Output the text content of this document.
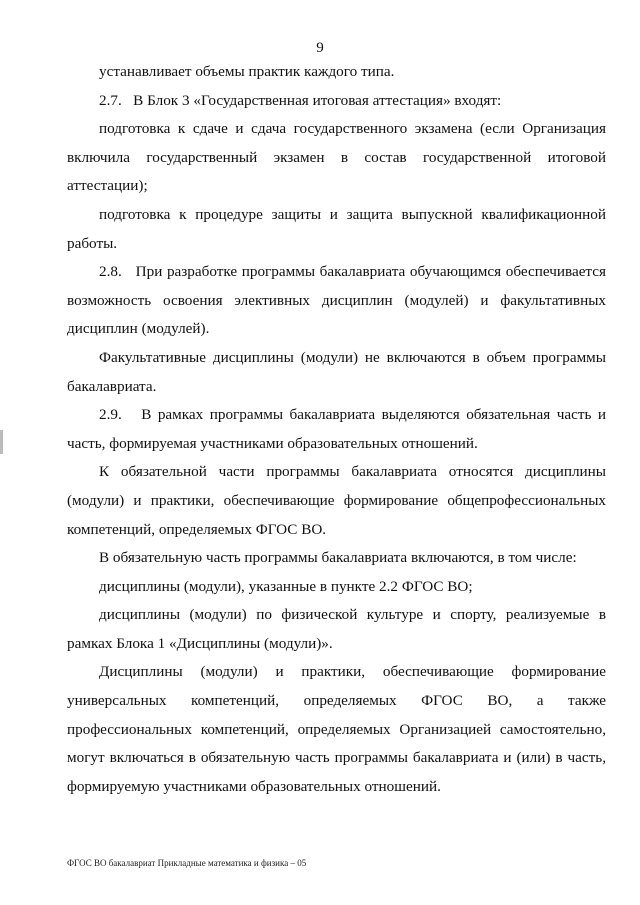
9

устанавливает объемы практик каждого типа.

2.7.   В Блок 3 «Государственная итоговая аттестация» входят:

подготовка к сдаче и сдача государственного экзамена (если Организация включила государственный экзамен в состав государственной итоговой аттестации);

подготовка к процедуре защиты и защита выпускной квалификационной работы.

2.8.   При разработке программы бакалавриата обучающимся обеспечивается возможность освоения элективных дисциплин (модулей) и факультативных дисциплин (модулей).

Факультативные дисциплины (модули) не включаются в объем программы бакалавриата.

2.9.   В рамках программы бакалавриата выделяются обязательная часть и часть, формируемая участниками образовательных отношений.

К обязательной части программы бакалавриата относятся дисциплины (модули) и практики, обеспечивающие формирование общепрофессиональных компетенций, определяемых ФГОС ВО.

В обязательную часть программы бакалавриата включаются, в том числе:

дисциплины (модули), указанные в пункте 2.2 ФГОС ВО;

дисциплины (модули) по физической культуре и спорту, реализуемые в рамках Блока 1 «Дисциплины (модули)».

Дисциплины (модули) и практики, обеспечивающие формирование универсальных компетенций, определяемых ФГОС ВО, а также профессиональных компетенций, определяемых Организацией самостоятельно, могут включаться в обязательную часть программы бакалавриата и (или) в часть, формируемую участниками образовательных отношений.

ФГОС ВО бакалавриат Прикладные математика и физика – 05
